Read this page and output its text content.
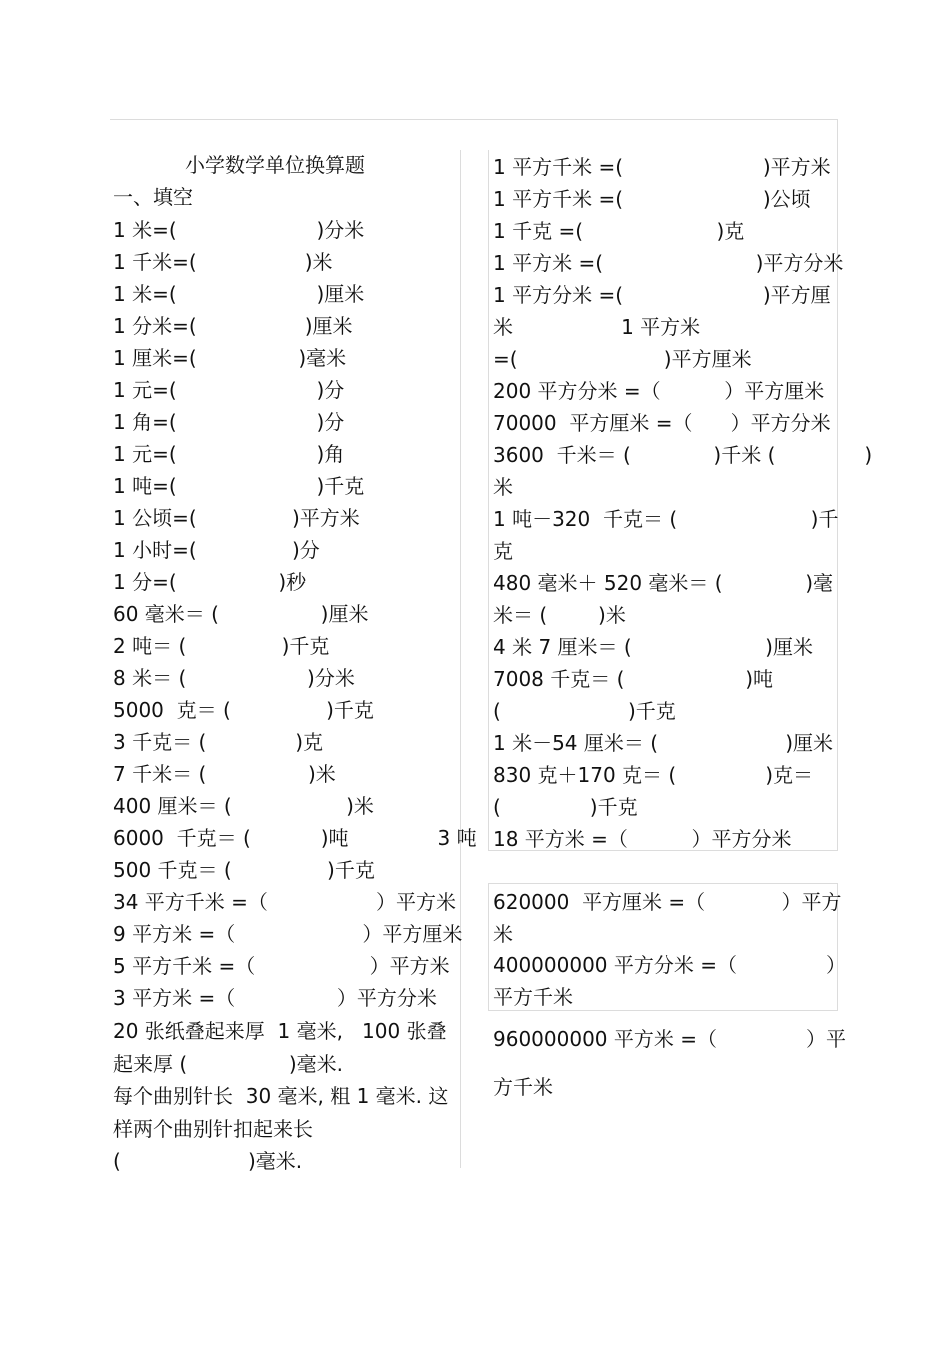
小学数学单位换算题
一、填空
1 米=(                      )分米
1 千米=(                 )米
1 米=(                      )厘米
1 分米=(                 )厘米
1 厘米=(                )毫米
1 元=(                      )分
1 角=(                      )分
1 元=(                      )角
1 吨=(                      )千克
1 公顷=(               )平方米
1 小时=(               )分
1 分=(                )秒
60 毫米＝ (                )厘米
2 吨＝ (               )千克
8 米＝ (                   )分米
5000  克＝ (               )千克
3 千克＝ (              )克
7 千米＝ (                )米
400 厘米＝ (                  )米
6000  千克＝ (           )吨              3 吨
500 千克＝ (               )千克
34 平方千米 =（                 ）平方米
9 平方米 =（                    ）平方厘米
5 平方千米 =（                  ）平方米
3 平方米 =（                ）平方分米
20 张纸叠起来厚  1 毫米,   100 张叠
起来厚 (                )毫米.
每个曲别针长  30 毫米, 粗 1 毫米. 这
样两个曲别针扣起来长
(                    )毫米.
1 平方千米 =(                      )平方米
1 平方千米 =(                      )公顷
1 千克 =(                     )克
1 平方米 =(                        )平方分米
1 平方分米 =(                      )平方厘
米                 1 平方米
=(                       )平方厘米
200 平方分米 =（          ）平方厘米
70000  平方厘米 =（      ）平方分米
3600  千米＝ (             )千米 (              )
米
1 吨－320  千克＝ (                     )千
克
480 毫米＋ 520 毫米＝ (             )毫
米＝ (        )米
4 米 7 厘米＝ (                     )厘米
7008 千克＝ (                   )吨
(                    )千克
1 米－54 厘米＝ (                    )厘米
830 克＋170 克＝ (              )克＝
(              )千克
18 平方米 =（          ）平方分米
620000  平方厘米 =（            ）平方
米
400000000 平方分米 =（              ）
平方千米
960000000 平方米 =（              ）平
方千米
